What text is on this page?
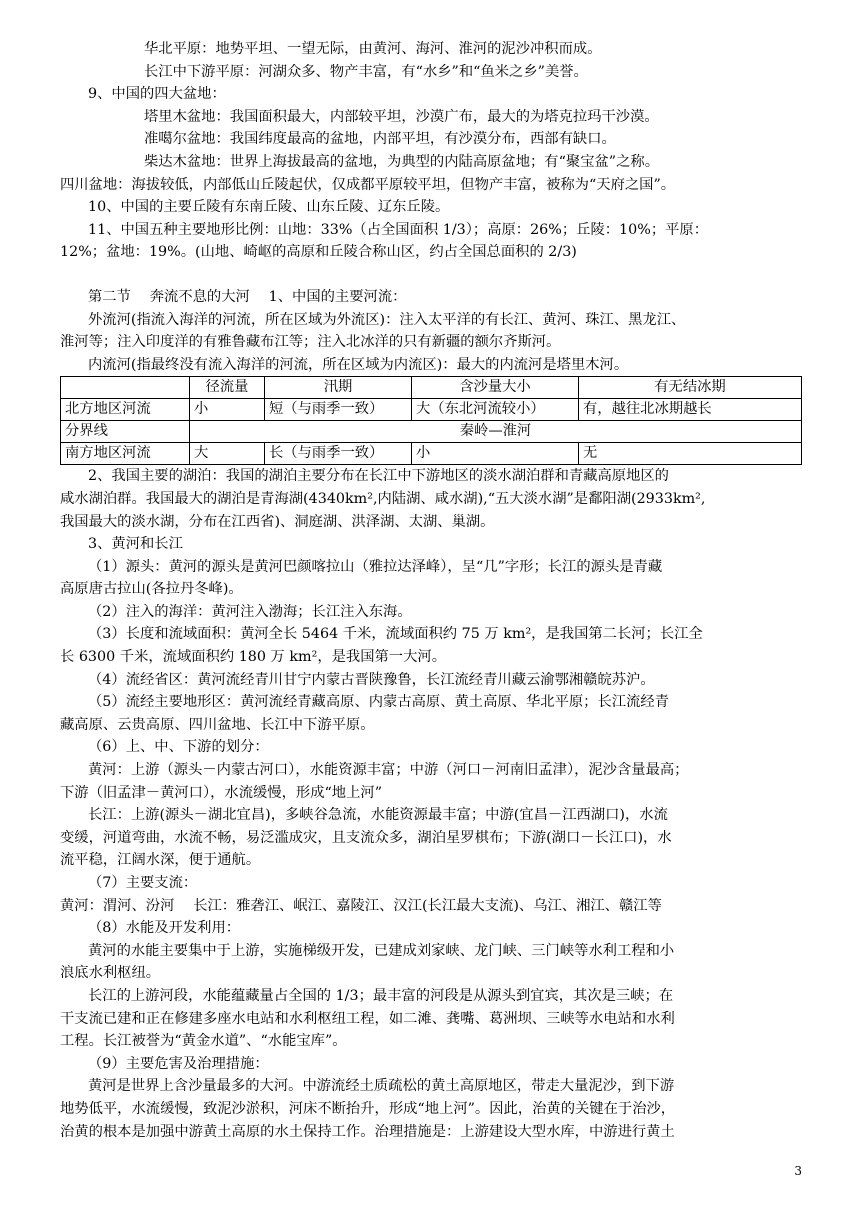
华北平原：地势平坦、一望无际，由黄河、海河、淮河的泥沙冲积而成。

长江中下游平原：河湖众多、物产丰富，有“水乡”和“鱼米之乡”美誉。

9、中国的四大盆地：

塔里木盆地：我国面积最大，内部较平坦，沙漠广布，最大的为塔克拉玛干沙漠。

准噶尔盆地：我国纬度最高的盆地，内部平坦，有沙漠分布，西部有缺口。

柴达木盆地：世界上海拔最高的盆地，为典型的内陆高原盆地；有“聚宝盆”之称。

四川盆地：海拔较低，内部低山丘陵起伏，仅成都平原较平坦，但物产丰富，被称为“天府之国”。

10、中国的主要丘陵有东南丘陵、山东丘陵、辽东丘陵。

11、中国五种主要地形比例：山地：33%（占全国面积 1/3）；高原：26%；丘陵：10%；平原：

12%；盆地：19%。(山地、崎岖的高原和丘陵合称山区，约占全国总面积的 2/3)

第二节　 奔流不息的大河　 1、中国的主要河流：

外流河(指流入海洋的河流，所在区域为外流区)：注入太平洋的有长江、黄河、珠江、黑龙江、

淮河等；注入印度洋的有雅鲁藏布江等；注入北冰洋的只有新疆的额尔齐斯河。

内流河(指最终没有流入海洋的河流，所在区域为内流区)：最大的内流河是塔里木河。

	径流量	汛期	含沙量大小	有无结冰期
北方地区河流	小	短（与雨季一致）	大（东北河流较小）	有，越往北冰期越长
分界线	秦岭—淮河			
南方地区河流	大	长（与雨季一致）	小	无

2、我国主要的湖泊：我国的湖泊主要分布在长江中下游地区的淡水湖泊群和青藏高原地区的

咸水湖泊群。我国最大的湖泊是青海湖(4340km²,内陆湖、咸水湖),“五大淡水湖”是鄱阳湖(2933km²,

我国最大的淡水湖，分布在江西省)、洞庭湖、洪泽湖、太湖、巢湖。

3、黄河和长江

（1）源头：黄河的源头是黄河巴颜喀拉山（雅拉达泽峰），呈“几”字形；长江的源头是青藏

高原唐古拉山(各拉丹冬峰)。

（2）注入的海洋：黄河注入渤海；长江注入东海。

（3）长度和流域面积：黄河全长 5464 千米，流域面积约 75 万 km²，是我国第二长河；长江全

长 6300 千米，流域面积约 180 万 km²，是我国第一大河。

（4）流经省区：黄河流经青川甘宁内蒙古晋陕豫鲁，长江流经青川藏云渝鄂湘赣皖苏沪。

（5）流经主要地形区：黄河流经青藏高原、内蒙古高原、黄土高原、华北平原；长江流经青

藏高原、云贵高原、四川盆地、长江中下游平原。

（6）上、中、下游的划分：

黄河：上游（源头－内蒙古河口），水能资源丰富；中游（河口－河南旧孟津），泥沙含量最高；

下游（旧孟津－黄河口），水流缓慢，形成“地上河”

长江：上游(源头－湖北宜昌)，多峡谷急流，水能资源最丰富；中游(宜昌－江西湖口)，水流

变缓，河道弯曲，水流不畅，易泛滥成灾，且支流众多，湖泊星罗棋布；下游(湖口－长江口)，水

流平稳，江阔水深，便于通航。

（7）主要支流：

黄河：渭河、汾河　 长江：雅砻江、岷江、嘉陵江、汉江(长江最大支流)、乌江、湘江、赣江等

（8）水能及开发利用：

黄河的水能主要集中于上游，实施梯级开发，已建成刘家峡、龙门峡、三门峡等水利工程和小

浪底水利枢纽。

长江的上游河段，水能蕴藏量占全国的 1/3；最丰富的河段是从源头到宜宾，其次是三峡；在

干支流已建和正在修建多座水电站和水利枢纽工程，如二滩、龚嘴、葛洲坝、三峡等水电站和水利

工程。长江被誉为“黄金水道”、“水能宝库”。

（9）主要危害及治理措施：

黄河是世界上含沙量最多的大河。中游流经土质疏松的黄土高原地区，带走大量泥沙，到下游

地势低平，水流缓慢，致泥沙淤积，河床不断抬升，形成“地上河”。因此，治黄的关键在于治沙，

治黄的根本是加强中游黄土高原的水土保持工作。治理措施是：上游建设大型水库，中游进行黄土

3
